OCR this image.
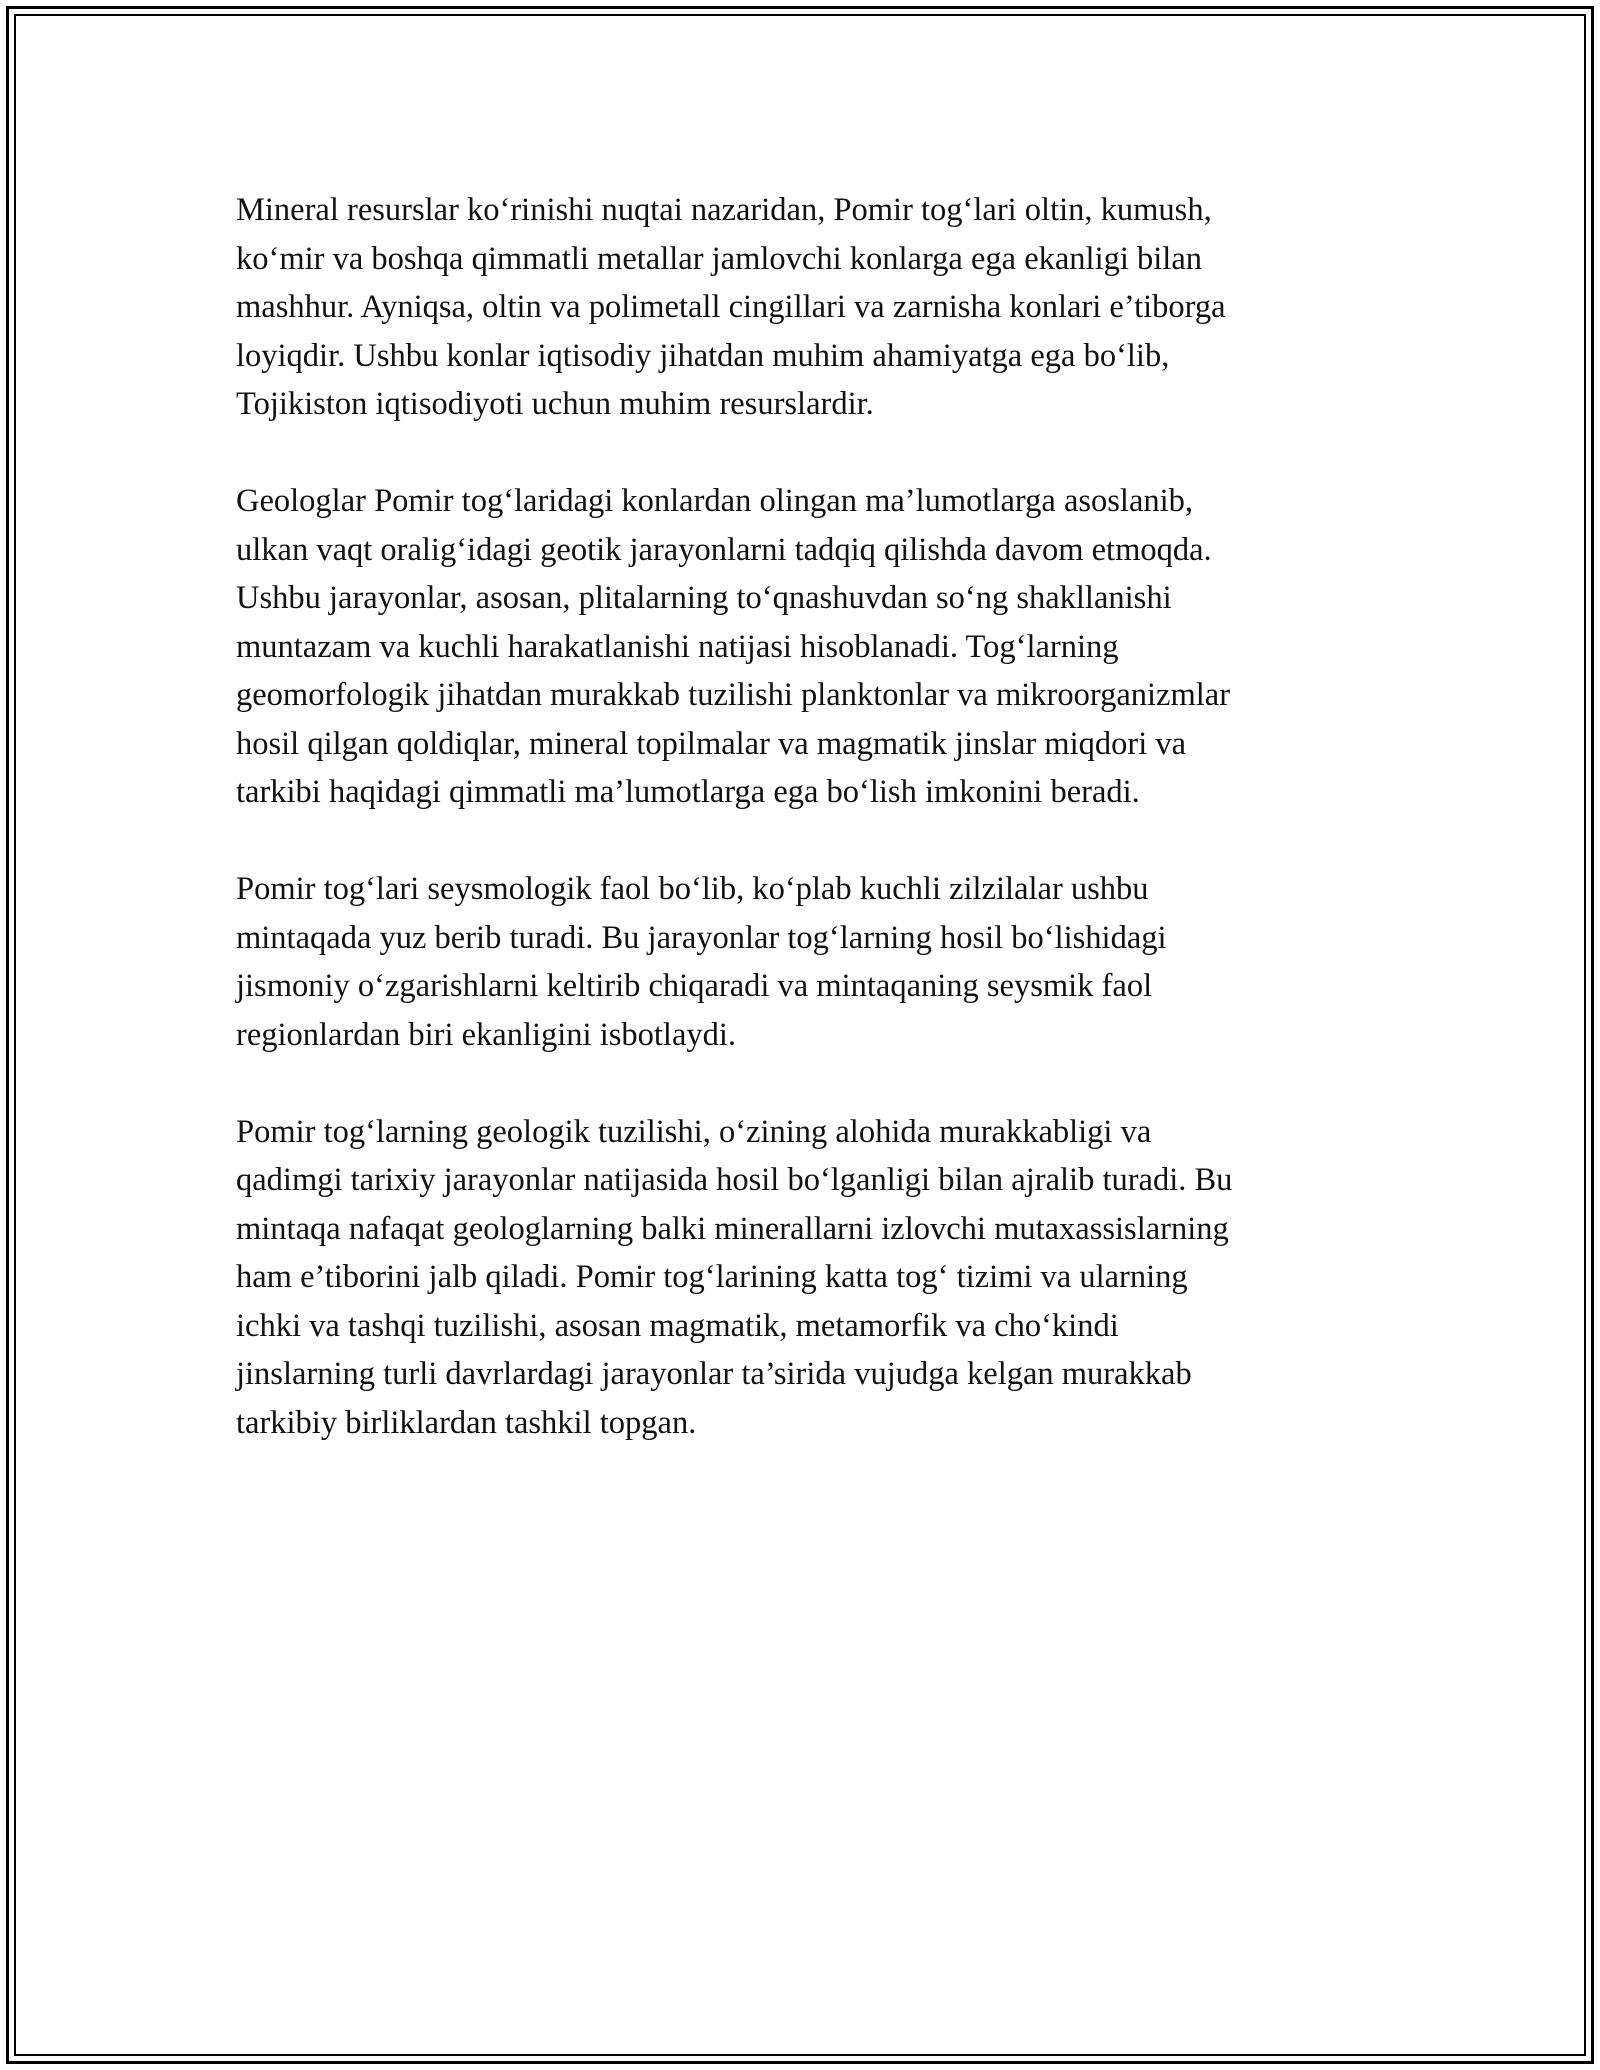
Mineral resurslar ko‘rinishi nuqtai nazaridan, Pomir tog‘lari oltin, kumush,
ko‘mir va boshqa qimmatli metallar jamlovchi konlarga ega ekanligi bilan
mashhur. Ayniqsa, oltin va polimetall cingillari va zarnisha konlari e’tiborga
loyiqdir. Ushbu konlar iqtisodiy jihatdan muhim ahamiyatga ega bo‘lib,
Tojikiston iqtisodiyoti uchun muhim resurslardir.

Geologlar Pomir tog‘laridagi konlardan olingan ma’lumotlarga asoslanib,
ulkan vaqt oralig‘idagi geotik jarayonlarni tadqiq qilishda davom etmoqda.
Ushbu jarayonlar, asosan, plitalarning to‘qnashuvdan so‘ng shakllanishi
muntazam va kuchli harakatlanishi natijasi hisoblanadi. Tog‘larning
geomorfologik jihatdan murakkab tuzilishi planktonlar va mikroorganizmlar
hosil qilgan qoldiqlar, mineral topilmalar va magmatik jinslar miqdori va
tarkibi haqidagi qimmatli ma’lumotlarga ega bo‘lish imkonini beradi.

Pomir tog‘lari seysmologik faol bo‘lib, ko‘plab kuchli zilzilalar ushbu
mintaqada yuz berib turadi. Bu jarayonlar tog‘larning hosil bo‘lishidagi
jismoniy o‘zgarishlarni keltirib chiqaradi va mintaqaning seysmik faol
regionlardan biri ekanligini isbotlaydi.

Pomir tog‘larning geologik tuzilishi, o‘zining alohida murakkabligi va
qadimgi tarixiy jarayonlar natijasida hosil bo‘lganligi bilan ajralib turadi. Bu
mintaqa nafaqat geologlarning balki minerallarni izlovchi mutaxassislarning
ham e’tiborini jalb qiladi. Pomir tog‘larining katta tog‘ tizimi va ularning
ichki va tashqi tuzilishi, asosan magmatik, metamorfik va cho‘kindi
jinslarning turli davrlardagi jarayonlar ta’sirida vujudga kelgan murakkab
tarkibiy birliklardan tashkil topgan.
